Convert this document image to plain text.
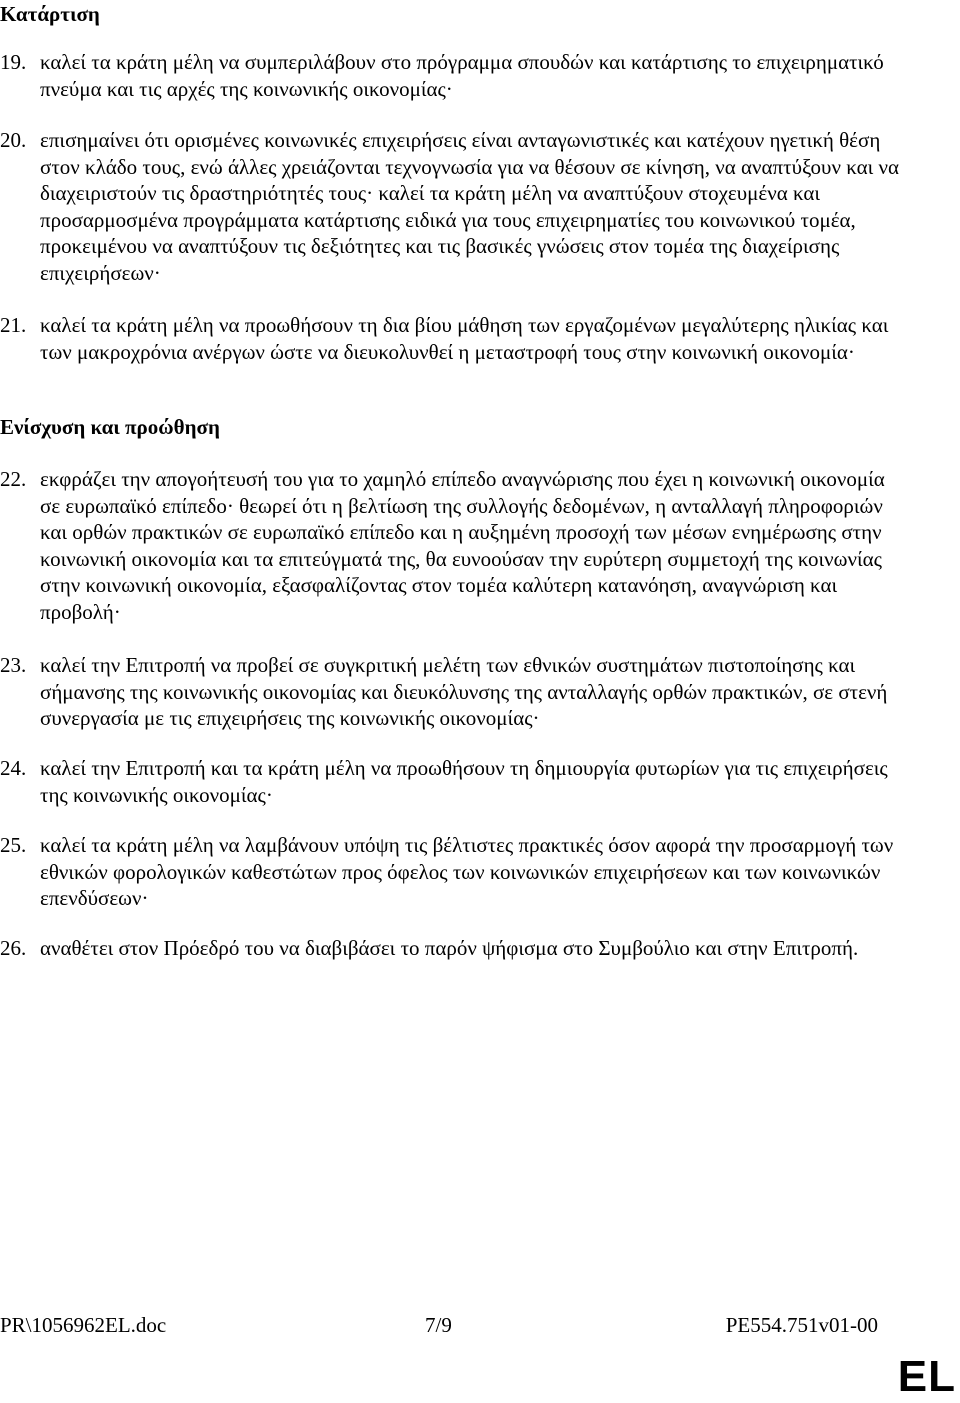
Κατάρτιση
19. καλεί τα κράτη μέλη να συμπεριλάβουν στο πρόγραμμα σπουδών και κατάρτισης το επιχειρηματικό πνεύμα και τις αρχές της κοινωνικής οικονομίας·
20. επισημαίνει ότι ορισμένες κοινωνικές επιχειρήσεις είναι ανταγωνιστικές και κατέχουν ηγετική θέση στον κλάδο τους, ενώ άλλες χρειάζονται τεχνογνωσία για να θέσουν σε κίνηση, να αναπτύξουν και να διαχειριστούν τις δραστηριότητές τους· καλεί τα κράτη μέλη να αναπτύξουν στοχευμένα και προσαρμοσμένα προγράμματα κατάρτισης ειδικά για τους επιχειρηματίες του κοινωνικού τομέα, προκειμένου να αναπτύξουν τις δεξιότητες και τις βασικές γνώσεις στον τομέα της διαχείρισης επιχειρήσεων·
21. καλεί τα κράτη μέλη να προωθήσουν τη δια βίου μάθηση των εργαζομένων μεγαλύτερης ηλικίας και των μακροχρόνια ανέργων ώστε να διευκολυνθεί η μεταστροφή τους στην κοινωνική οικονομία·
Ενίσχυση και προώθηση
22. εκφράζει την απογοήτευσή του για το χαμηλό επίπεδο αναγνώρισης που έχει η κοινωνική οικονομία σε ευρωπαϊκό επίπεδο· θεωρεί ότι η βελτίωση της συλλογής δεδομένων, η ανταλλαγή πληροφοριών και ορθών πρακτικών σε ευρωπαϊκό επίπεδο και η αυξημένη προσοχή των μέσων ενημέρωσης στην κοινωνική οικονομία και τα επιτεύγματά της, θα ευνοούσαν την ευρύτερη συμμετοχή της κοινωνίας στην κοινωνική οικονομία, εξασφαλίζοντας στον τομέα καλύτερη κατανόηση, αναγνώριση και προβολή·
23. καλεί την Επιτροπή να προβεί σε συγκριτική μελέτη των εθνικών συστημάτων πιστοποίησης και σήμανσης της κοινωνικής οικονομίας και διευκόλυνσης της ανταλλαγής ορθών πρακτικών, σε στενή συνεργασία με τις επιχειρήσεις της κοινωνικής οικονομίας·
24. καλεί την Επιτροπή και τα κράτη μέλη να προωθήσουν τη δημιουργία φυτωρίων για τις επιχειρήσεις της κοινωνικής οικονομίας·
25. καλεί τα κράτη μέλη να λαμβάνουν υπόψη τις βέλτιστες πρακτικές όσον αφορά την προσαρμογή των εθνικών φορολογικών καθεστώτων προς όφελος των κοινωνικών επιχειρήσεων και των κοινωνικών επενδύσεων·
26. αναθέτει στον Πρόεδρό του να διαβιβάσει το παρόν ψήφισμα στο Συμβούλιο και στην Επιτροπή.
PR\1056962EL.doc	7/9	PE554.751v01-00
EL
